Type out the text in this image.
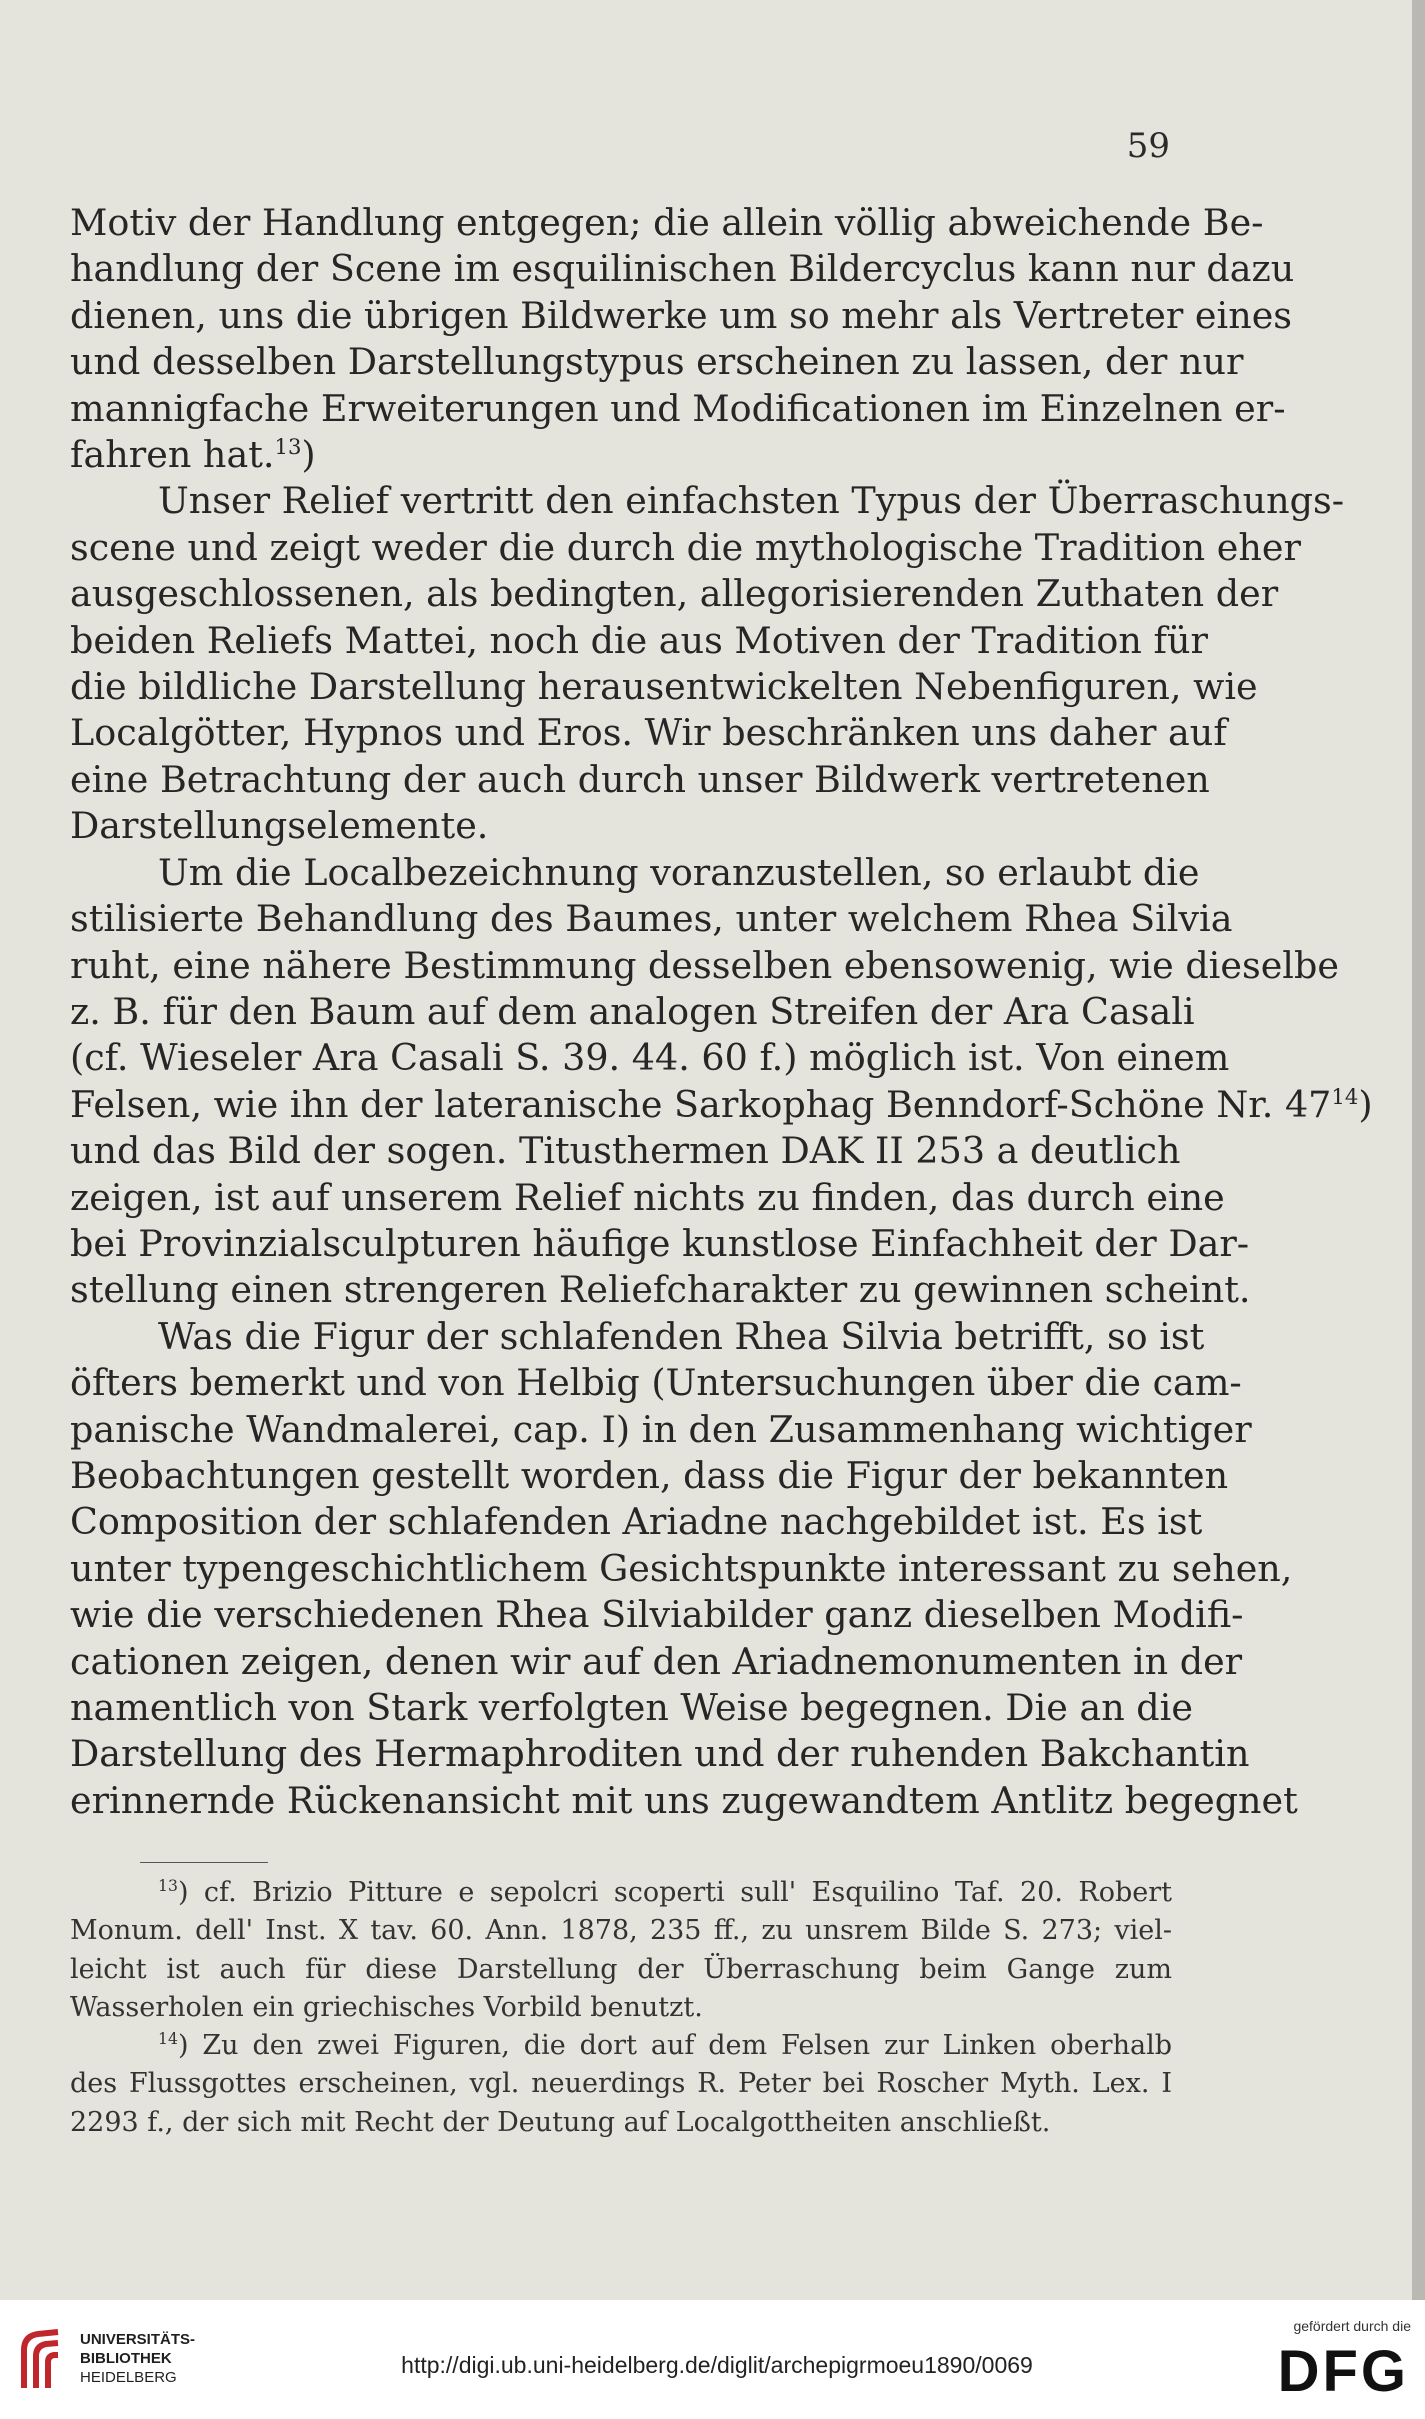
59
Motiv der Handlung entgegen; die allein völlig abweichende Be-
handlung der Scene im esquilinischen Bildercyclus kann nur dazu
dienen, uns die übrigen Bildwerke um so mehr als Vertreter eines
und desselben Darstellungstypus erscheinen zu lassen, der nur
mannigfache Erweiterungen und Modificationen im Einzelnen er-
fahren hat.$^{13}$)
Unser Relief vertritt den einfachsten Typus der Überraschungs-
scene und zeigt weder die durch die mythologische Tradition eher
ausgeschlossenen, als bedingten, allegorisierenden Zuthaten der
beiden Reliefs Mattei, noch die aus Motiven der Tradition für
die bildliche Darstellung herausentwickelten Nebenfiguren, wie
Localgötter, Hypnos und Eros. Wir beschränken uns daher auf
eine Betrachtung der auch durch unser Bildwerk vertretenen
Darstellungselemente.
Um die Localbezeichnung voranzustellen, so erlaubt die
stilisierte Behandlung des Baumes, unter welchem Rhea Silvia
ruht, eine nähere Bestimmung desselben ebensowenig, wie dieselbe
z. B. für den Baum auf dem analogen Streifen der Ara Casali
(cf. Wieseler Ara Casali S. 39. 44. 60 f.) möglich ist. Von einem
Felsen, wie ihn der lateranische Sarkophag Benndorf-Schöne Nr. $47^{14}$)
und das Bild der sogen. Titusthermen DAK II 253 a deutlich
zeigen, ist auf unserem Relief nichts zu finden, das durch eine
bei Provinzialsculpturen häufige kunstlose Einfachheit der Dar-
stellung einen strengeren Reliefcharakter zu gewinnen scheint.
Was die Figur der schlafenden Rhea Silvia betrifft, so ist
öfters bemerkt und von Helbig (Untersuchungen über die cam-
panische Wandmalerei, cap. I) in den Zusammenhang wichtiger
Beobachtungen gestellt worden, dass die Figur der bekannten
Composition der schlafenden Ariadne nachgebildet ist. Es ist
unter typengeschichtlichem Gesichtspunkte interessant zu sehen,
wie die verschiedenen Rhea Silviabilder ganz dieselben Modifi-
cationen zeigen, denen wir auf den Ariadnemonumenten in der
namentlich von Stark verfolgten Weise begegnen. Die an die
Darstellung des Hermaphroditen und der ruhenden Bakchantin
erinnernde Rückenansicht mit uns zugewandtem Antlitz begegnet
$^{13}$) cf. Brizio Pitture e sepolcri scoperti sull' Esquilino Taf. 20. Robert
Monum. dell' Inst. X tav. 60. Ann. 1878, 235 ff., zu unsrem Bilde S. 273; viel-
leicht ist auch für diese Darstellung der Überraschung beim Gange zum
Wasserholen ein griechisches Vorbild benutzt.
$^{14}$) Zu den zwei Figuren, die dort auf dem Felsen zur Linken oberhalb
des Flussgottes erscheinen, vgl. neuerdings R. Peter bei Roscher Myth. Lex. I
2293 f., der sich mit Recht der Deutung auf Localgottheiten anschließt.
UNIVERSITÄTS-
BIBLIOTHEK
HEIDELBERG	http://digi.ub.uni-heidelberg.de/diglit/archepigrmoeu1890/0069
gefördert durch die
DFG
